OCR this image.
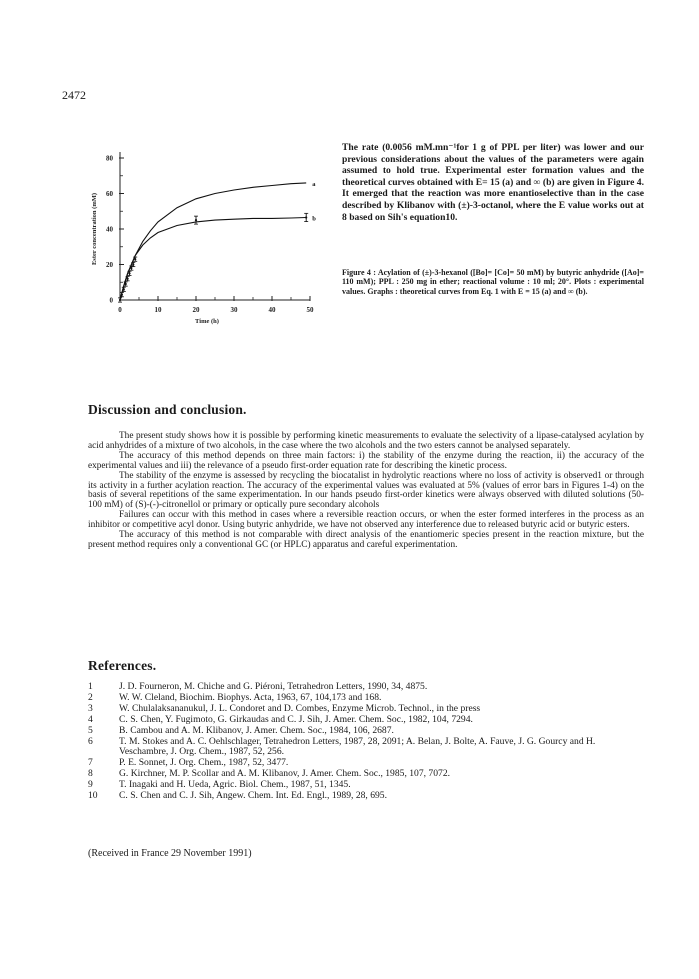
2472
0	10	20	30	40	50
0
20
40
60
80
Time (h)
Ester concentration (mM)
a
b

The rate (0.0056 mM.mn⁻¹for 1 g of PPL per liter) was lower and our previous considerations about the values of the parameters were again assumed to hold true. Experimental ester formation values and the theoretical curves obtained with E= 15 (a) and ∞ (b) are given in Figure 4. It emerged that the reaction was more enantioselective than in the case described by Klibanov with (±)-3-octanol, where the E value works out at 8 based on Sih's equation10.

Figure 4 : Acylation of (±)-3-hexanol ([Bo]= [Co]= 50 mM) by butyric anhydride ([Ao]= 110 mM); PPL : 250 mg in ether; reactional volume : 10 ml; 20°. Plots : experimental values. Graphs : theoretical curves from Eq. 1 with E = 15 (a) and ∞ (b).

Discussion and conclusion.

The present study shows how it is possible by performing kinetic measurements to evaluate the selectivity of a lipase-catalysed acylation by acid anhydrides of a mixture of two alcohols, in the case where the two alcohols and the two esters cannot be analysed separately.

The accuracy of this method depends on three main factors: i) the stability of the enzyme during the reaction, ii) the accuracy of the experimental values and iii) the relevance of a pseudo first-order equation rate for describing the kinetic process.

The stability of the enzyme is assessed by recycling the biocatalist in hydrolytic reactions where no loss of activity is observed1 or through its activity in a further acylation reaction. The accuracy of the experimental values was evaluated at 5% (values of error bars in Figures 1-4) on the basis of several repetitions of the same experimentation. In our hands pseudo first-order kinetics were always observed with diluted solutions (50-100 mM) of (S)-(-)-citronellol or primary or optically pure secondary alcohols

Failures can occur with this method in cases where a reversible reaction occurs, or when the ester formed interferes in the process as an inhibitor or competitive acyl donor. Using butyric anhydride, we have not observed any interference due to released butyric acid or butyric esters.

The accuracy of this method is not comparable with direct analysis of the enantiomeric species present in the reaction mixture, but the present method requires only a conventional GC (or HPLC) apparatus and careful experimentation.

References.
1	J. D. Fourneron, M. Chiche and G. Piéroni, Tetrahedron Letters, 1990, 34, 4875.
2	W. W. Cleland, Biochim. Biophys. Acta, 1963, 67, 104,173 and 168.
3	W. Chulalaksananukul, J. L. Condoret and D. Combes, Enzyme Microb. Technol., in the press
4	C. S. Chen, Y. Fugimoto, G. Girkaudas and C. J. Sih, J. Amer. Chem. Soc., 1982, 104, 7294.
5	B. Cambou and A. M. Klibanov, J. Amer. Chem. Soc., 1984, 106, 2687.
6	T. M. Stokes and A. C. Oehlschlager, Tetrahedron Letters, 1987, 28, 2091; A. Belan, J. Bolte, A. Fauve, J. G. Gourcy and H. Veschambre, J. Org. Chem., 1987, 52, 256.
7	P. E. Sonnet, J. Org. Chem., 1987, 52, 3477.
8	G. Kirchner, M. P. Scollar and A. M. Klibanov, J. Amer. Chem. Soc., 1985, 107, 7072.
9	T. Inagaki and H. Ueda, Agric. Biol. Chem., 1987, 51, 1345.
10	C. S. Chen and C. J. Sih, Angew. Chem. Int. Ed. Engl., 1989, 28, 695.
(Received in France 29 November 1991)
